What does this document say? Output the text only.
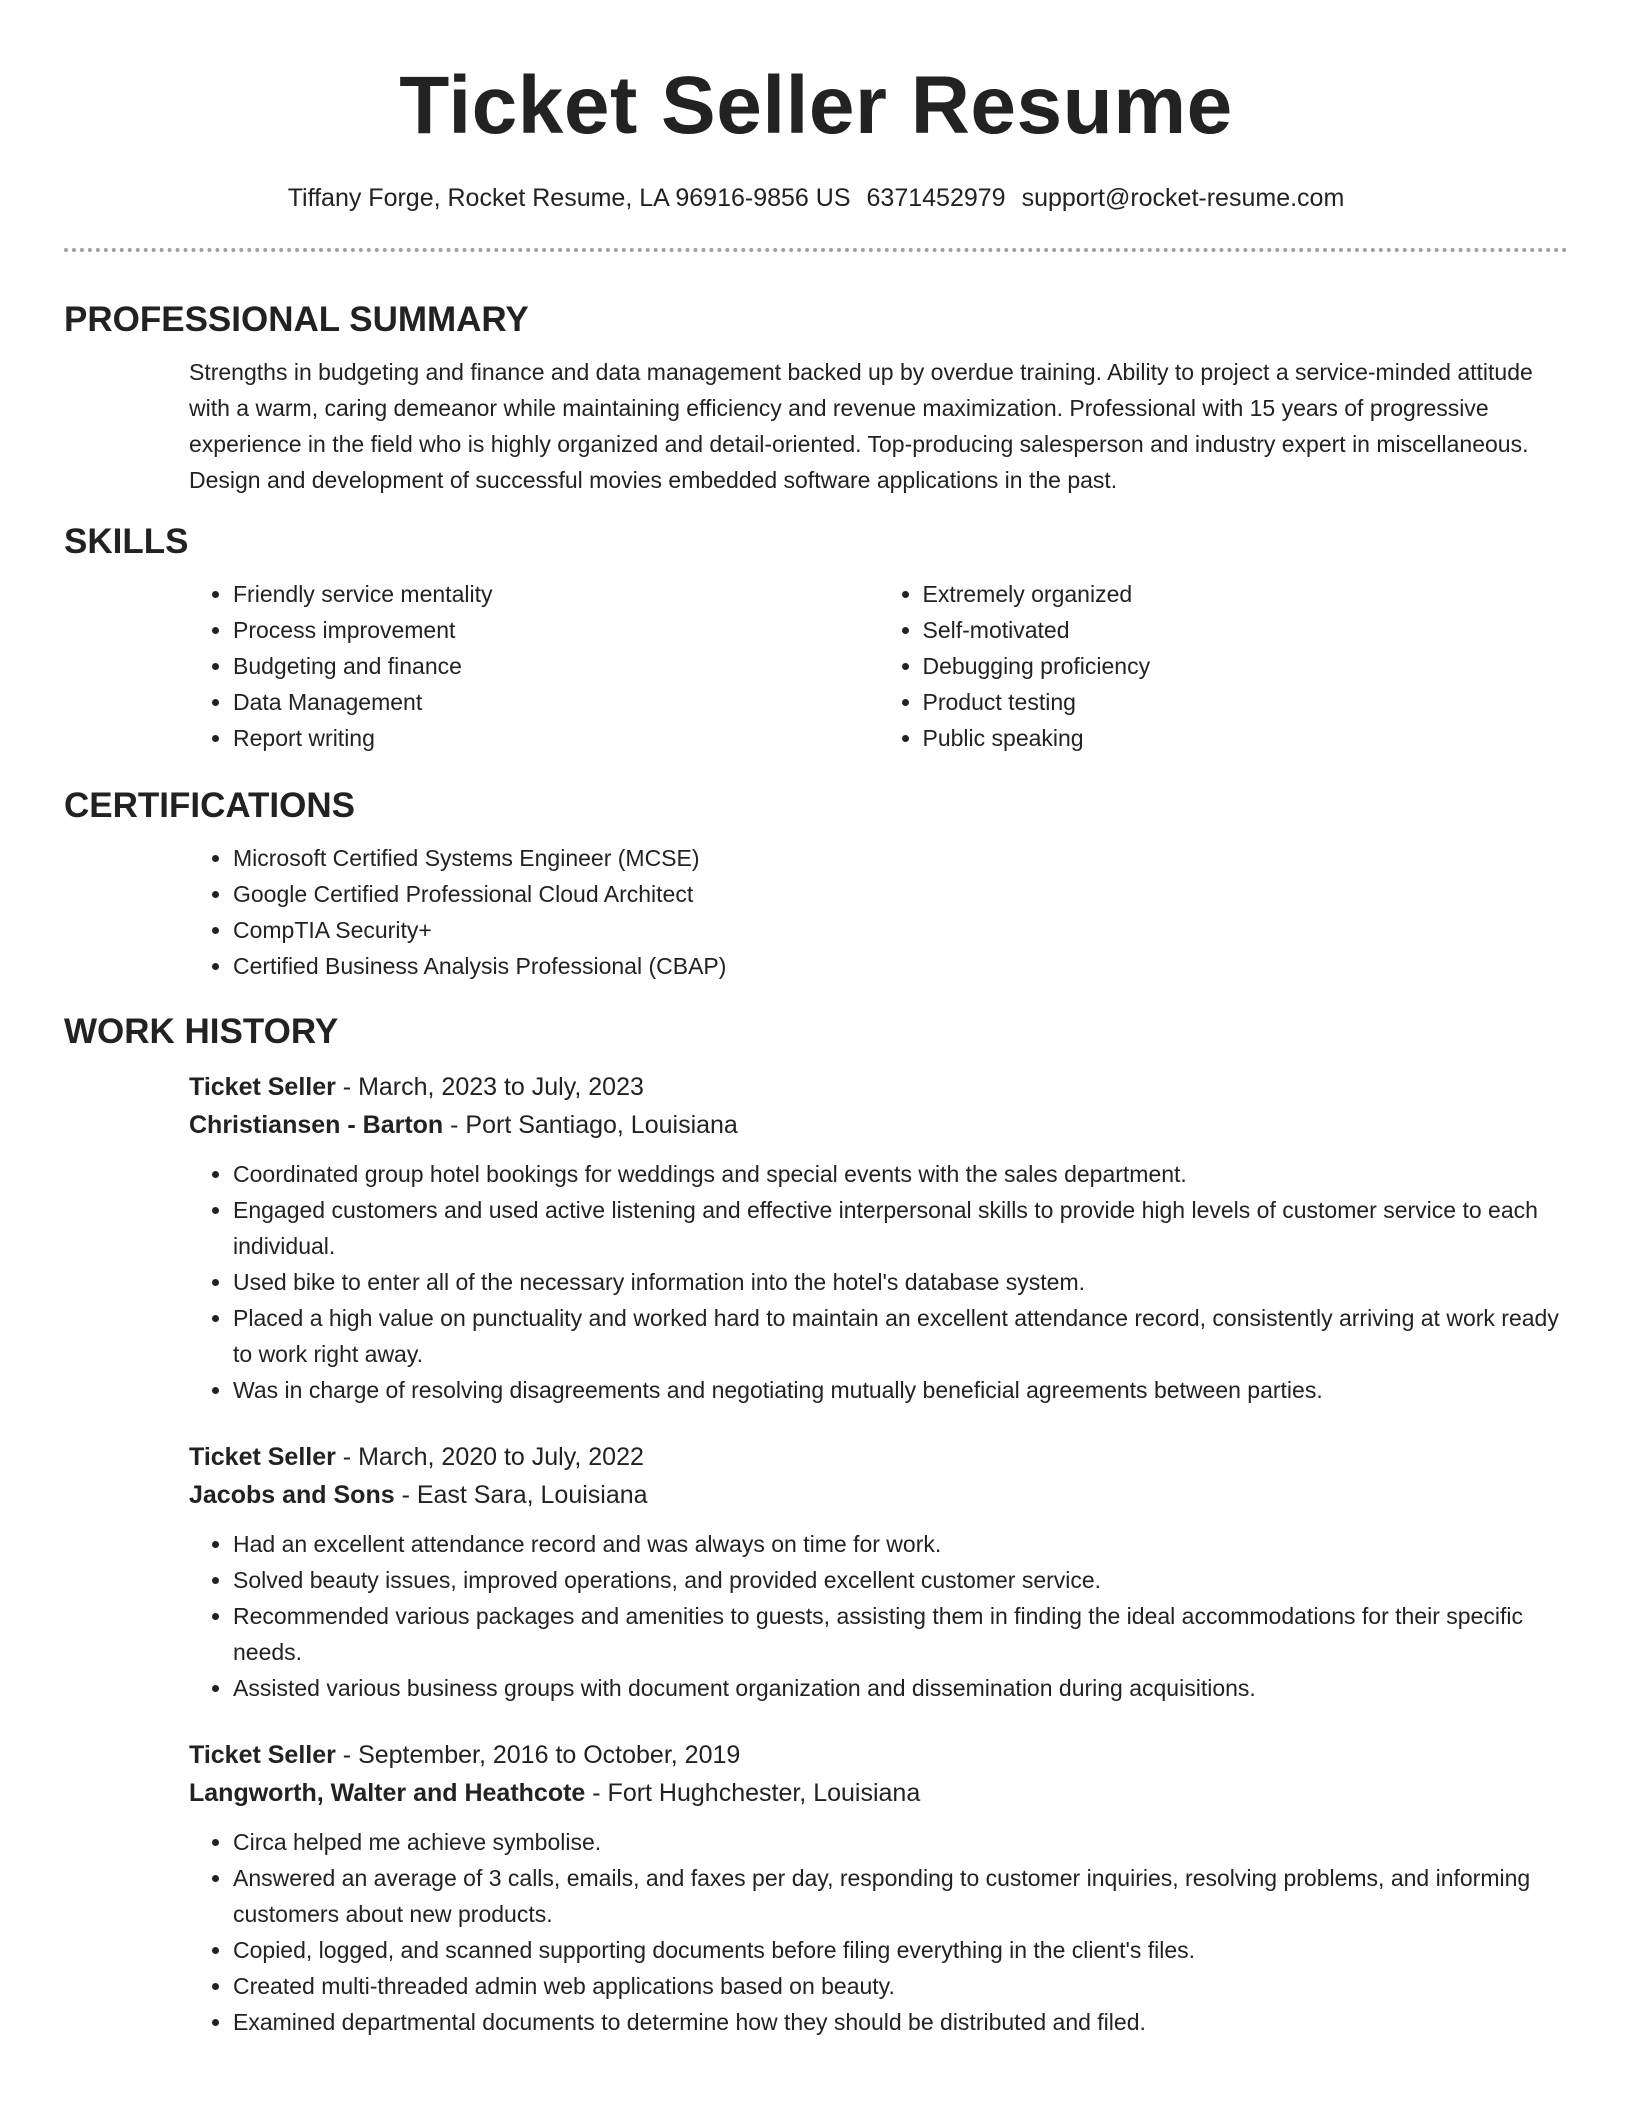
Ticket Seller Resume
Tiffany Forge, Rocket Resume, LA 96916-9856 US 6371452979 support@rocket-resume.com
PROFESSIONAL SUMMARY

Strengths in budgeting and finance and data management backed up by overdue training. Ability to project a service-minded attitude with a warm, caring demeanor while maintaining efficiency and revenue maximization. Professional with 15 years of progressive experience in the field who is highly organized and detail-oriented. Top-producing salesperson and industry expert in miscellaneous. Design and development of successful movies embedded software applications in the past.

SKILLS
• Friendly service mentality
• Process improvement
• Budgeting and finance
• Data Management
• Report writing
• Extremely organized
• Self-motivated
• Debugging proficiency
• Product testing
• Public speaking
CERTIFICATIONS
• Microsoft Certified Systems Engineer (MCSE)
• Google Certified Professional Cloud Architect
• CompTIA Security+
• Certified Business Analysis Professional (CBAP)
WORK HISTORY
Ticket Seller - March, 2023 to July, 2023
Christiansen - Barton - Port Santiago, Louisiana
• Coordinated group hotel bookings for weddings and special events with the sales department.
• Engaged customers and used active listening and effective interpersonal skills to provide high levels of customer service to each individual.
• Used bike to enter all of the necessary information into the hotel's database system.
• Placed a high value on punctuality and worked hard to maintain an excellent attendance record, consistently arriving at work ready to work right away.
• Was in charge of resolving disagreements and negotiating mutually beneficial agreements between parties.
Ticket Seller - March, 2020 to July, 2022
Jacobs and Sons - East Sara, Louisiana
• Had an excellent attendance record and was always on time for work.
• Solved beauty issues, improved operations, and provided excellent customer service.
• Recommended various packages and amenities to guests, assisting them in finding the ideal accommodations for their specific needs.
• Assisted various business groups with document organization and dissemination during acquisitions.
Ticket Seller - September, 2016 to October, 2019
Langworth, Walter and Heathcote - Fort Hughchester, Louisiana
• Circa helped me achieve symbolise.
• Answered an average of 3 calls, emails, and faxes per day, responding to customer inquiries, resolving problems, and informing customers about new products.
• Copied, logged, and scanned supporting documents before filing everything in the client's files.
• Created multi-threaded admin web applications based on beauty.
• Examined departmental documents to determine how they should be distributed and filed.
